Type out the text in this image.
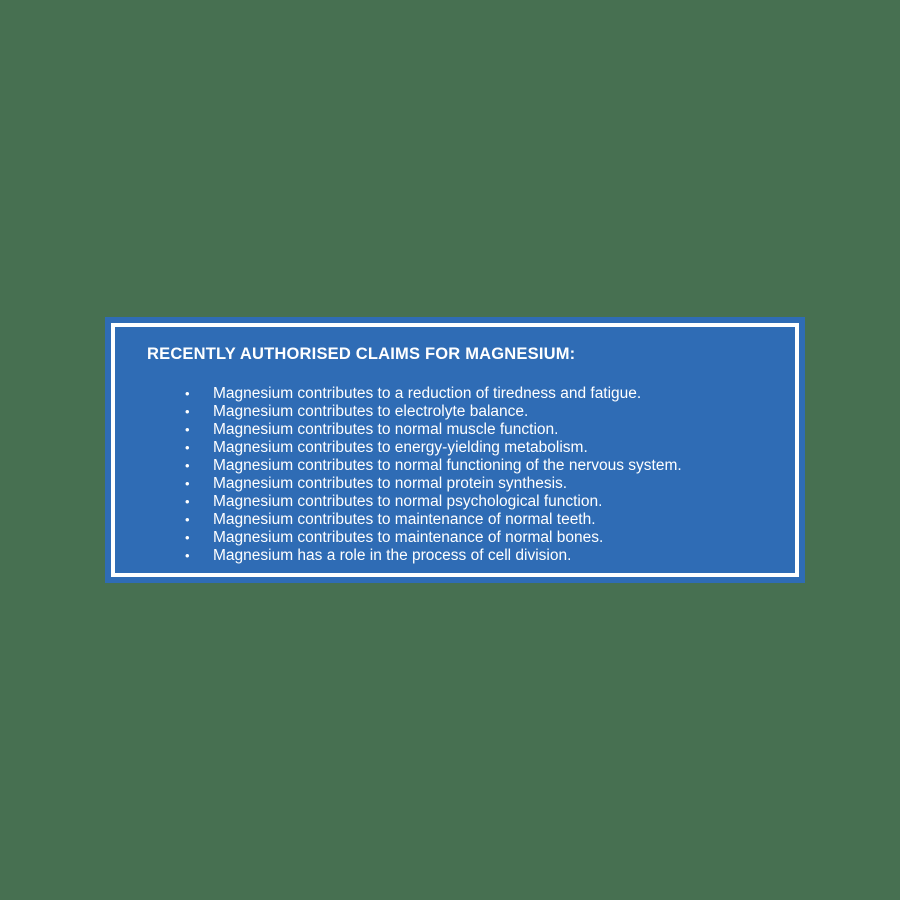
RECENTLY AUTHORISED CLAIMS FOR MAGNESIUM:
• Magnesium contributes to a reduction of tiredness and fatigue.
• Magnesium contributes to electrolyte balance.
• Magnesium contributes to normal muscle function.
• Magnesium contributes to energy-yielding metabolism.
• Magnesium contributes to normal functioning of the nervous system.
• Magnesium contributes to normal protein synthesis.
• Magnesium contributes to normal psychological function.
• Magnesium contributes to maintenance of normal teeth.
• Magnesium contributes to maintenance of normal bones.
• Magnesium has a role in the process of cell division.
